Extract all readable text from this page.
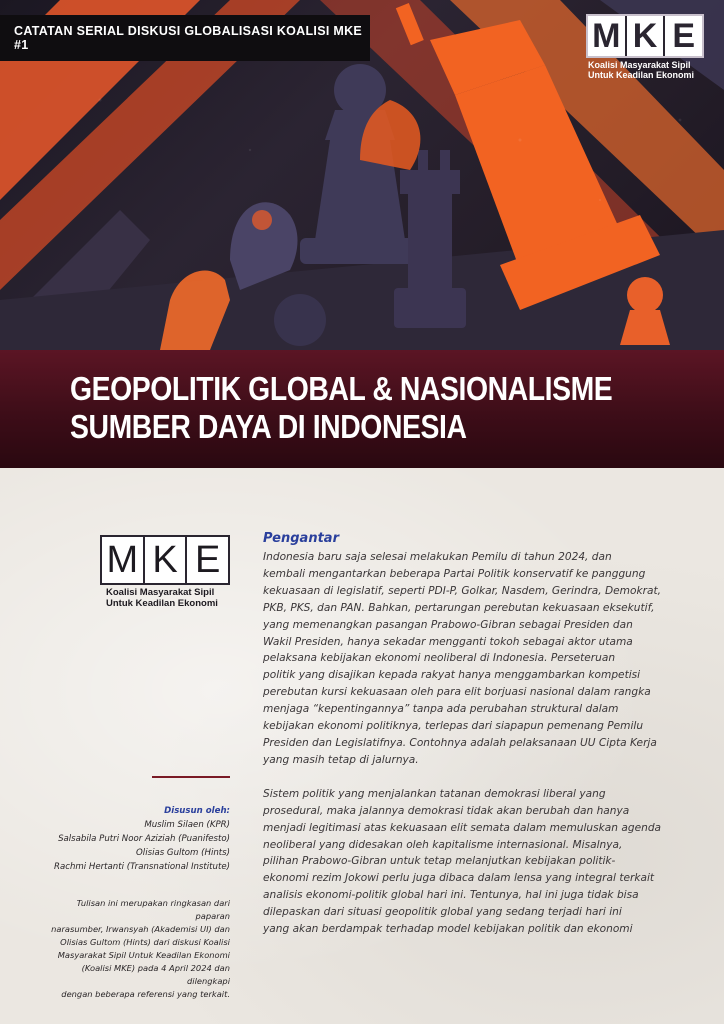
CATATAN SERIAL DISKUSI GLOBALISASI KOALISI MKE #1	M K E
Koalisi Masyarakat Sipil
Untuk Keadilan Ekonomi
GEOPOLITIK GLOBAL & NASIONALISME
SUMBER DAYA DI INDONESIA
M K E
Koalisi Masyarakat Sipil
Untuk Keadilan Ekonomi
Disusun oleh:
Muslim Silaen (KPR)
Salsabila Putri Noor Aziziah (Puanifesto)
Olisias Gultom (Hints)
Rachmi Hertanti (Transnational Institute)
Tulisan ini merupakan ringkasan dari paparan
narasumber, Irwansyah (Akademisi UI) dan
Olisias Gultom (Hints) dari diskusi Koalisi
Masyarakat Sipil Untuk Keadilan Ekonomi
(Koalisi MKE) pada 4 April 2024 dan dilengkapi
dengan beberapa referensi yang terkait.
Pengantar

Indonesia baru saja selesai melakukan Pemilu di tahun 2024, dan

kembali mengantarkan beberapa Partai Politik konservatif ke panggung

kekuasaan di legislatif, seperti PDI-P, Golkar, Nasdem, Gerindra, Demokrat,

PKB, PKS, dan PAN. Bahkan, pertarungan perebutan kekuasaan eksekutif,

yang memenangkan pasangan Prabowo-Gibran sebagai Presiden dan

Wakil Presiden, hanya sekadar mengganti tokoh sebagai aktor utama

pelaksana kebijakan ekonomi neoliberal di Indonesia. Perseteruan

politik yang disajikan kepada rakyat hanya menggambarkan kompetisi

perebutan kursi kekuasaan oleh para elit borjuasi nasional dalam rangka

menjaga “kepentingannya” tanpa ada perubahan struktural dalam

kebijakan ekonomi politiknya, terlepas dari siapapun pemenang Pemilu

Presiden dan Legislatifnya. Contohnya adalah pelaksanaan UU Cipta Kerja

yang masih tetap di jalurnya.

Sistem politik yang menjalankan tatanan demokrasi liberal yang

prosedural, maka jalannya demokrasi tidak akan berubah dan hanya

menjadi legitimasi atas kekuasaan elit semata dalam memuluskan agenda

neoliberal yang didesakan oleh kapitalisme internasional. Misalnya,

pilihan Prabowo-Gibran untuk tetap melanjutkan kebijakan politik-

ekonomi rezim Jokowi perlu juga dibaca dalam lensa yang integral terkait

analisis ekonomi-politik global hari ini. Tentunya, hal ini juga tidak bisa

dilepaskan dari situasi geopolitik global yang sedang terjadi hari ini

yang akan berdampak terhadap model kebijakan politik dan ekonomi
